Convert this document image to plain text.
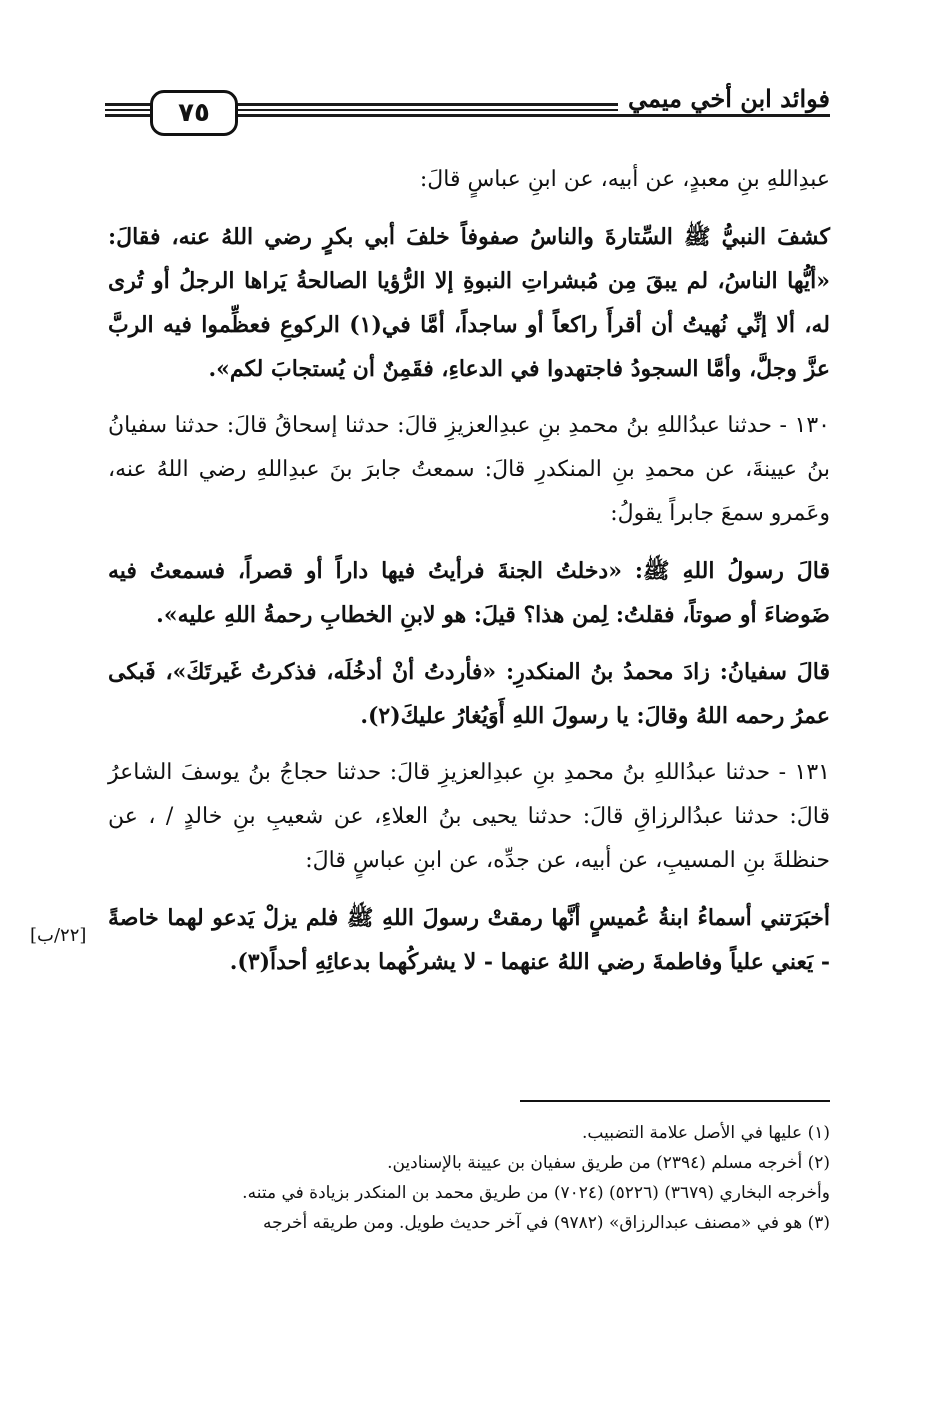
٧٥	فوائد ابن أخي ميمي

عبدِاللهِ بنِ معبدٍ، عن أبيه، عن ابنِ عباسٍ قالَ:

كشفَ النبيُّ ﷺ السِّتارةَ والناسُ صفوفاً خلفَ أبي بكرٍ رضي اللهُ عنه، فقالَ: «أيُّها الناسُ، لم يبقَ مِن مُبشراتِ النبوةِ إلا الرُّؤيا الصالحةُ يَراها الرجلُ أو تُرى له، ألا إنِّي نُهيتُ أن أقرأَ راكعاً أو ساجداً، أمَّا في(١) الركوعِ فعظِّموا فيه الربَّ عزَّ وجلَّ، وأمَّا السجودُ فاجتهدوا في الدعاءِ، فقَمِنٌ أن يُستجابَ لكم».

١٣٠ - حدثنا عبدُاللهِ بنُ محمدِ بنِ عبدِالعزيزِ قالَ: حدثنا إسحاقُ قالَ: حدثنا سفيانُ بنُ عيينةَ، عن محمدِ بنِ المنكدرِ قالَ: سمعتُ جابرَ بنَ عبدِاللهِ رضي اللهُ عنه، وعَمرو سمعَ جابراً يقولُ:

قالَ رسولُ اللهِ ﷺ: «دخلتُ الجنةَ فرأيتُ فيها داراً أو قصراً، فسمعتُ فيه ضَوضاءَ أو صوتاً، فقلتُ: لِمن هذا؟ قيلَ: هو لابنِ الخطابِ رحمةُ اللهِ عليه».

قالَ سفيانُ: زادَ محمدُ بنُ المنكدرِ: «فأردتُ أنْ أدخُلَه، فذكرتُ غَيرتَكَ»، فَبكى عمرُ رحمه اللهُ وقالَ: يا رسولَ اللهِ أَوَيُغارُ عليكَ(٢).

١٣١ - حدثنا عبدُاللهِ بنُ محمدِ بنِ عبدِالعزيزِ قالَ: حدثنا حجاجُ بنُ يوسفَ الشاعرُ قالَ: حدثنا عبدُالرزاقِ قالَ: حدثنا يحيى بنُ العلاءِ، عن شعيبِ بنِ خالدٍ / ، عن حنظلةَ بنِ المسيبِ، عن أبيه، عن جدِّه، عن ابنِ عباسٍ قالَ:

أخبَرَتني أسماءُ ابنةُ عُميسٍ أنَّها رمقتْ رسولَ اللهِ ﷺ فلم يزلْ يَدعو لهما خاصةً - يَعني علياً وفاطمةَ رضي اللهُ عنهما - لا يشركُهما بدعائِهِ أحداً(٣).

[٢٢/ب]
(١) عليها في الأصل علامة التضبيب.
(٢) أخرجه مسلم (٢٣٩٤) من طريق سفيان بن عيينة بالإسنادين.
وأخرجه البخاري (٣٦٧٩) (٥٢٢٦) (٧٠٢٤) من طريق محمد بن المنكدر بزيادة في متنه.
(٣) هو في «مصنف عبدالرزاق» (٩٧٨٢) في آخر حديث طويل. ومن طريقه أخرجه
